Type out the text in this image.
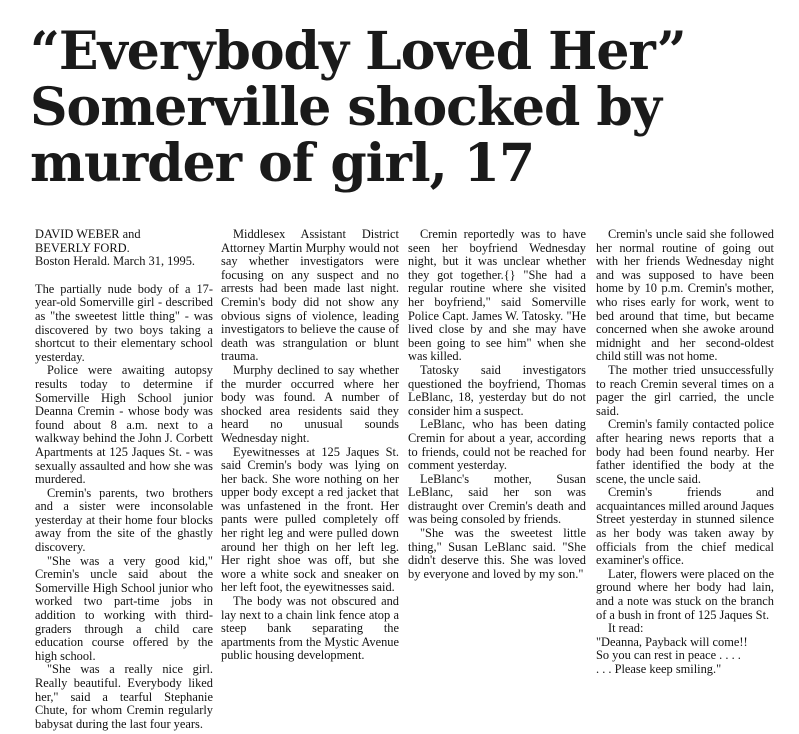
“Everybody Loved Her”
Somerville shocked by
murder of girl, 17
DAVID WEBER and
BEVERLY FORD.
Boston Herald. March 31, 1995.

The partially nude body of a 17-year-old Somerville girl - described as "the sweetest little thing" - was discovered by two boys taking a shortcut to their elementary school yesterday.

Police were awaiting autopsy results today to determine if Somerville High School junior Deanna Cremin - whose body was found about 8 a.m. next to a walkway behind the John J. Corbett Apartments at 125 Jaques St. - was sexually assaulted and how she was murdered.

Cremin's parents, two brothers and a sister were inconsolable yesterday at their home four blocks away from the site of the ghastly discovery.

"She was a very good kid," Cremin's uncle said about the Somerville High School junior who worked two part-time jobs in addition to working with third-graders through a child care education course offered by the high school.

"She was a really nice girl. Really beautiful. Everybody liked her," said a tearful Stephanie Chute, for whom Cremin regularly babysat during the last four years.

Middlesex Assistant District Attorney Martin Murphy would not say whether investigators were focusing on any suspect and no arrests had been made last night. Cremin's body did not show any obvious signs of violence, leading investigators to believe the cause of death was strangulation or blunt trauma.

Murphy declined to say whether the murder occurred where her body was found. A number of shocked area residents said they heard no unusual sounds Wednesday night.

Eyewitnesses at 125 Jaques St. said Cremin's body was lying on her back. She wore nothing on her upper body except a red jacket that was unfastened in the front. Her pants were pulled completely off her right leg and were pulled down around her thigh on her left leg. Her right shoe was off, but she wore a white sock and sneaker on her left foot, the eyewitnesses said.

The body was not obscured and lay next to a chain link fence atop a steep bank separating the apartments from the Mystic Avenue public housing development.

Cremin reportedly was to have seen her boyfriend Wednesday night, but it was unclear whether they got together.{} "She had a regular routine where she visited her boyfriend," said Somerville Police Capt. James W. Tatosky. "He lived close by and she may have been going to see him" when she was killed.

Tatosky said investigators questioned the boyfriend, Thomas LeBlanc, 18, yesterday but do not consider him a suspect.

LeBlanc, who has been dating Cremin for about a year, according to friends, could not be reached for comment yesterday.

LeBlanc's mother, Susan LeBlanc, said her son was distraught over Cremin's death and was being consoled by friends.

"She was the sweetest little thing," Susan LeBlanc said. "She didn't deserve this. She was loved by everyone and loved by my son."

Cremin's uncle said she followed her normal routine of going out with her friends Wednesday night and was supposed to have been home by 10 p.m. Cremin's mother, who rises early for work, went to bed around that time, but became concerned when she awoke around midnight and her second-oldest child still was not home.

The mother tried unsuccessfully to reach Cremin several times on a pager the girl carried, the uncle said.

Cremin's family contacted police after hearing news reports that a body had been found nearby. Her father identified the body at the scene, the uncle said.

Cremin's friends and acquaintances milled around Jaques Street yesterday in stunned silence as her body was taken away by officials from the chief medical examiner's office.

Later, flowers were placed on the ground where her body had lain, and a note was stuck on the branch of a bush in front of 125 Jaques St.

It read:

"Deanna, Payback will come!!
So you can rest in peace . . . .
. . . Please keep smiling."
